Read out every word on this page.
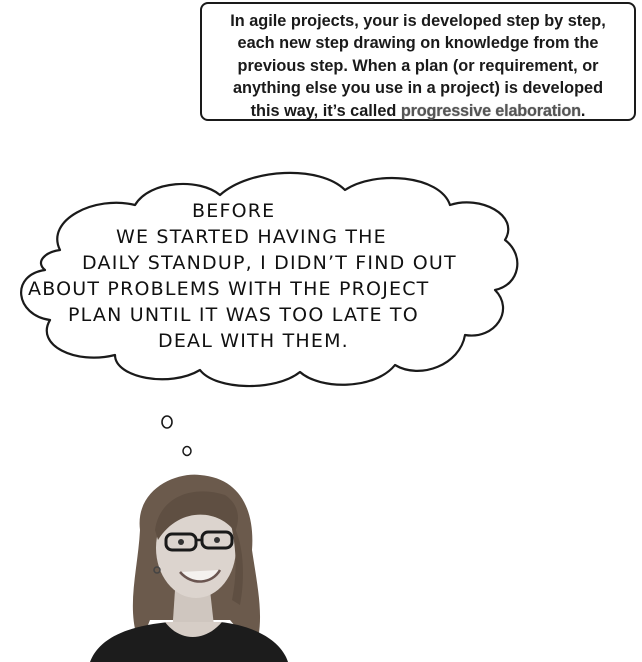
In agile projects, your is developed step by step,
each new step drawing on knowledge from the
previous step. When a plan (or requirement, or
anything else you use in a project) is developed
this way, it’s called progressive elaboration.
BEFORE
WE STARTED HAVING THE
DAILY STANDUP, I DIDN’T FIND OUT
ABOUT PROBLEMS WITH THE PROJECT
PLAN UNTIL IT WAS TOO LATE TO
DEAL WITH THEM.
